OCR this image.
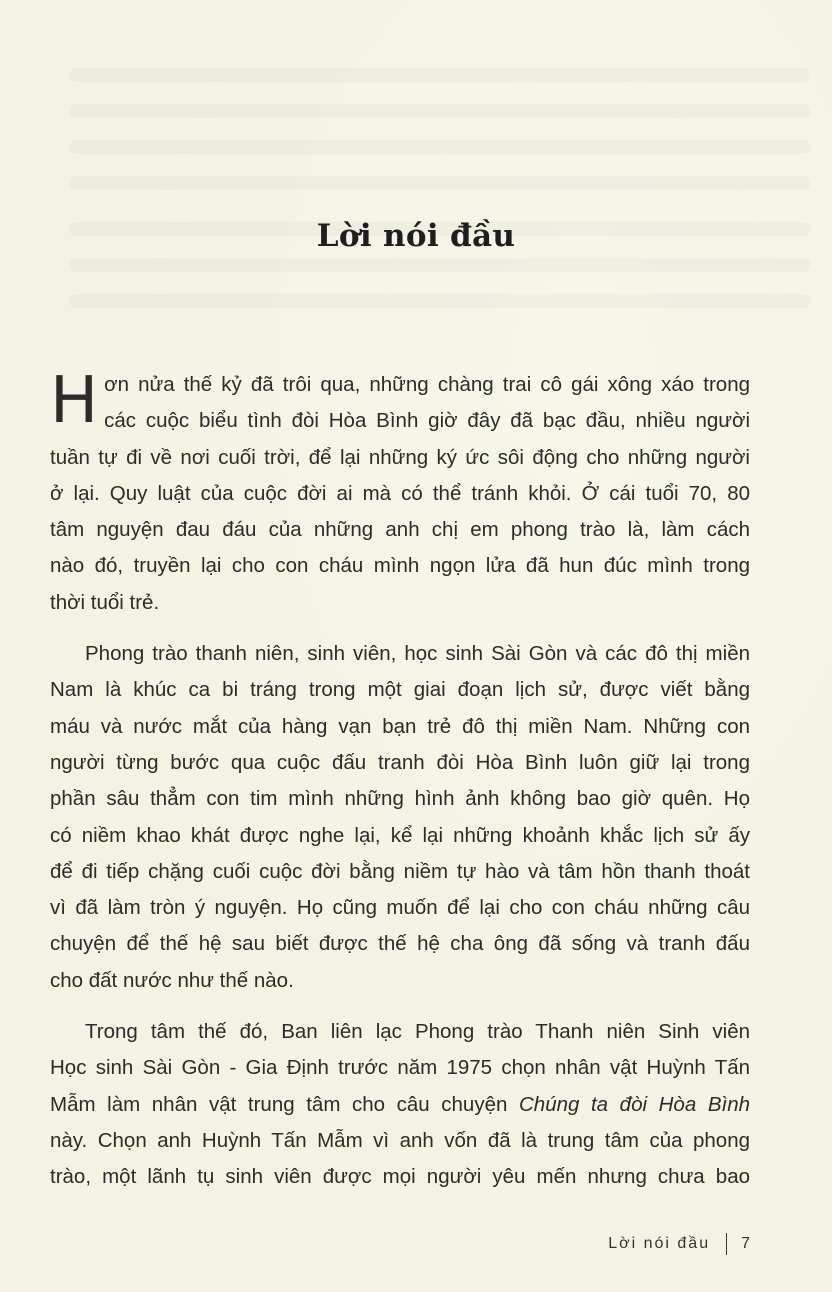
Lời nói đầu
H ơn nửa thế kỷ đã trôi qua, những chàng trai cô gái xông xáo trong
các cuộc biểu tình đòi Hòa Bình giờ đây đã bạc đầu, nhiều người
tuần tự đi về nơi cuối trời, để lại những ký ức sôi động cho những người
ở lại. Quy luật của cuộc đời ai mà có thể tránh khỏi. Ở cái tuổi 70, 80
tâm nguyện đau đáu của những anh chị em phong trào là, làm cách
nào đó, truyền lại cho con cháu mình ngọn lửa đã hun đúc mình trong
thời tuổi trẻ.
Phong trào thanh niên, sinh viên, học sinh Sài Gòn và các đô thị miền
Nam là khúc ca bi tráng trong một giai đoạn lịch sử, được viết bằng
máu và nước mắt của hàng vạn bạn trẻ đô thị miền Nam. Những con
người từng bước qua cuộc đấu tranh đòi Hòa Bình luôn giữ lại trong
phần sâu thẳm con tim mình những hình ảnh không bao giờ quên. Họ
có niềm khao khát được nghe lại, kể lại những khoảnh khắc lịch sử ấy
để đi tiếp chặng cuối cuộc đời bằng niềm tự hào và tâm hồn thanh thoát
vì đã làm tròn ý nguyện. Họ cũng muốn để lại cho con cháu những câu
chuyện để thế hệ sau biết được thế hệ cha ông đã sống và tranh đấu
cho đất nước như thế nào.
Trong tâm thế đó, Ban liên lạc Phong trào Thanh niên Sinh viên
Học sinh Sài Gòn - Gia Định trước năm 1975 chọn nhân vật Huỳnh Tấn
Mẫm làm nhân vật trung tâm cho câu chuyện Chúng ta đòi Hòa Bình
này. Chọn anh Huỳnh Tấn Mẫm vì anh vốn đã là trung tâm của phong
trào, một lãnh tụ sinh viên được mọi người yêu mến nhưng chưa bao
Lời nói đầu 7
